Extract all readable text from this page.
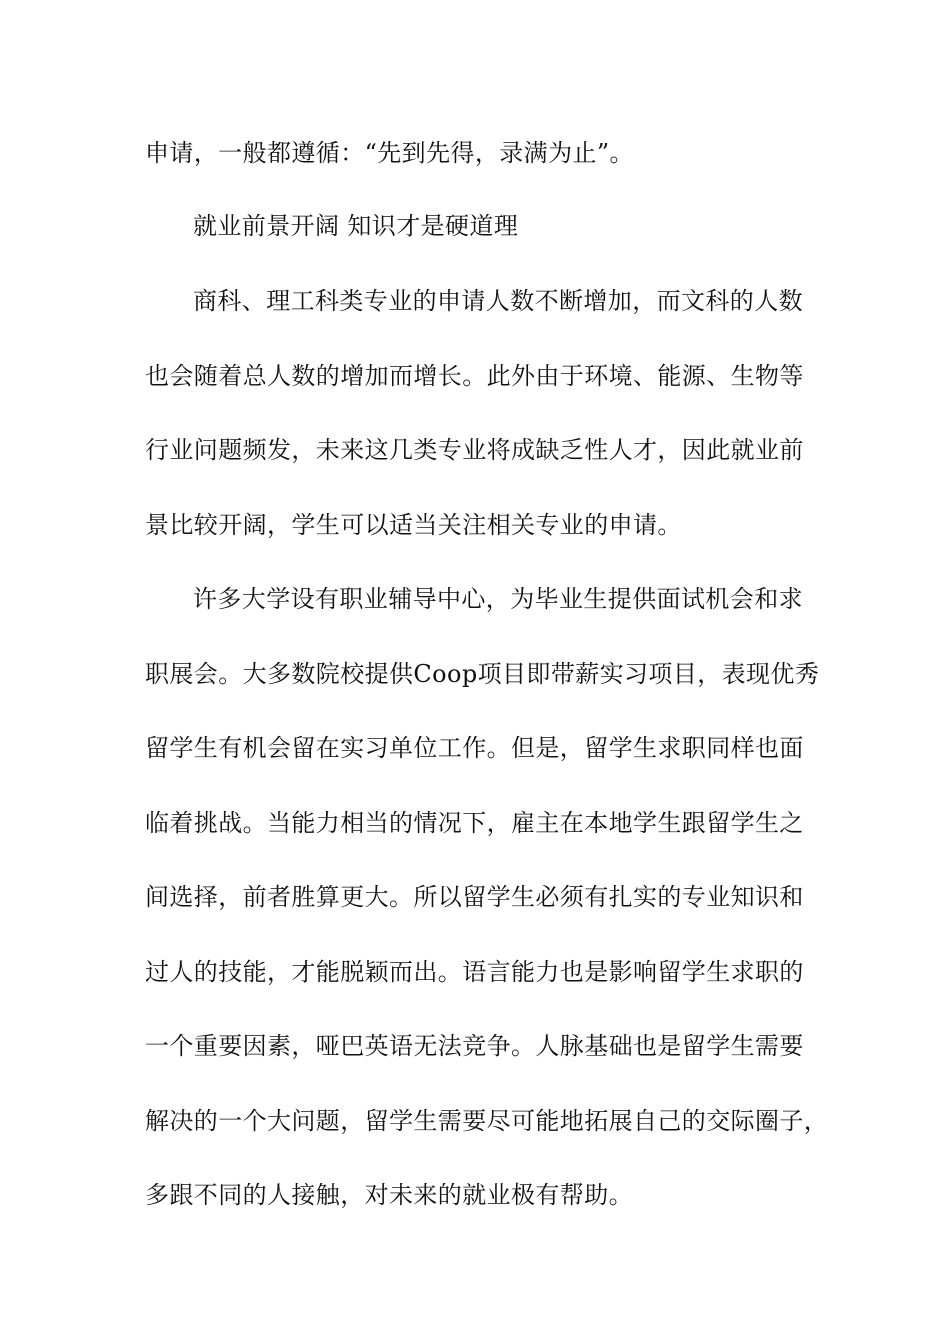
申请，一般都遵循：“先到先得，录满为止”。
就业前景开阔 知识才是硬道理
商科、理工科类专业的申请人数不断增加，而文科的人数
也会随着总人数的增加而增长。此外由于环境、能源、生物等
行业问题频发，未来这几类专业将成缺乏性人才，因此就业前
景比较开阔，学生可以适当关注相关专业的申请。
许多大学设有职业辅导中心，为毕业生提供面试机会和求
职展会。大多数院校提供Coop项目即带薪实习项目，表现优秀
留学生有机会留在实习单位工作。但是，留学生求职同样也面
临着挑战。当能力相当的情况下，雇主在本地学生跟留学生之
间选择，前者胜算更大。所以留学生必须有扎实的专业知识和
过人的技能，才能脱颖而出。语言能力也是影响留学生求职的
一个重要因素，哑巴英语无法竞争。人脉基础也是留学生需要
解决的一个大问题，留学生需要尽可能地拓展自己的交际圈子，
多跟不同的人接触，对未来的就业极有帮助。
